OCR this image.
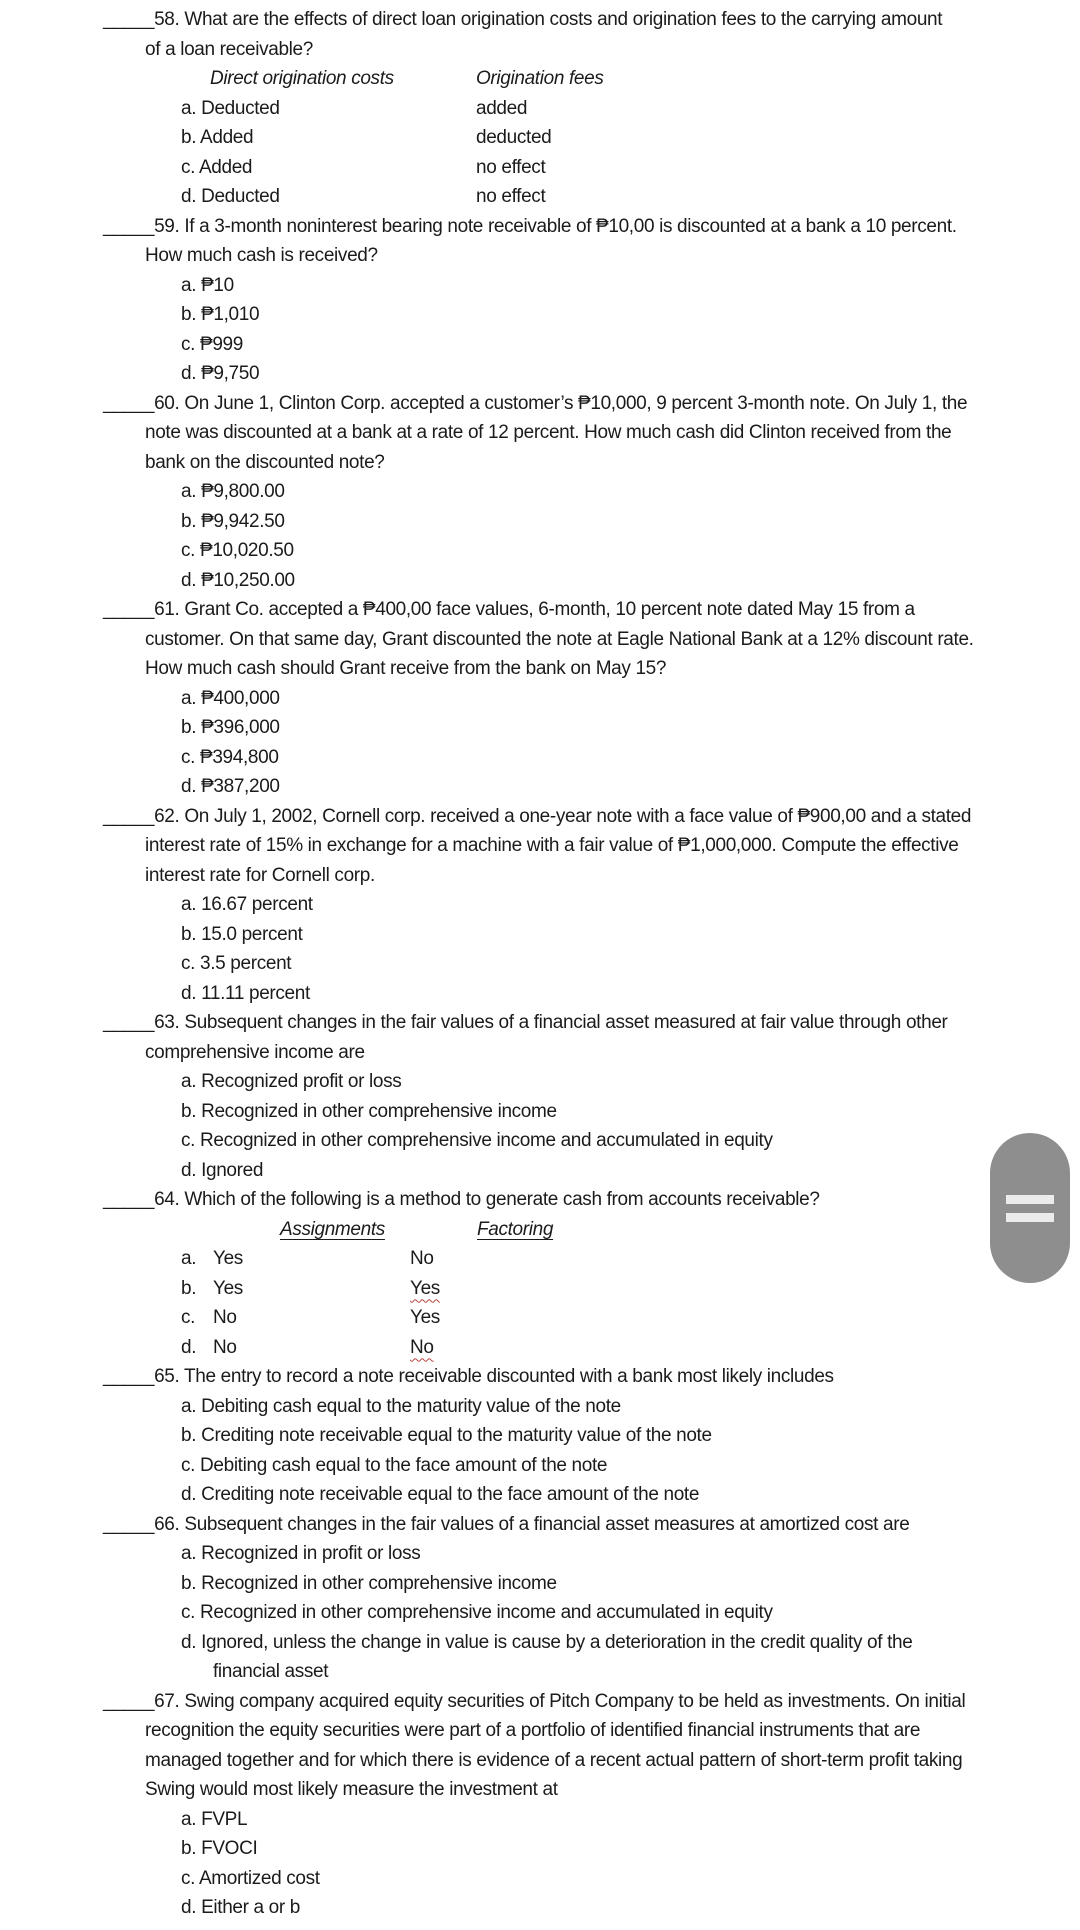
_____58. What are the effects of direct loan origination costs and origination fees to the carrying amount
of a loan receivable?
Direct origination costs	Origination fees
a. Deducted	added
b. Added	deducted
c. Added	no effect
d. Deducted	no effect
_____59. If a 3-month noninterest bearing note receivable of ₱10,00 is discounted at a bank a 10 percent.
How much cash is received?
a. ₱10
b. ₱1,010
c. ₱999
d. ₱9,750
_____60. On June 1, Clinton Corp. accepted a customer’s ₱10,000, 9 percent 3-month note. On July 1, the
note was discounted at a bank at a rate of 12 percent. How much cash did Clinton received from the
bank on the discounted note?
a. ₱9,800.00
b. ₱9,942.50
c. ₱10,020.50
d. ₱10,250.00
_____61. Grant Co. accepted a ₱400,00 face values, 6-month, 10 percent note dated May 15 from a
customer. On that same day, Grant discounted the note at Eagle National Bank at a 12% discount rate.
How much cash should Grant receive from the bank on May 15?
a. ₱400,000
b. ₱396,000
c. ₱394,800
d. ₱387,200
_____62. On July 1, 2002, Cornell corp. received a one-year note with a face value of ₱900,00 and a stated
interest rate of 15% in exchange for a machine with a fair value of ₱1,000,000. Compute the effective
interest rate for Cornell corp.
a. 16.67 percent
b. 15.0 percent
c. 3.5 percent
d. 11.11 percent
_____63. Subsequent changes in the fair values of a financial asset measured at fair value through other
comprehensive income are
a. Recognized profit or loss
b. Recognized in other comprehensive income
c. Recognized in other comprehensive income and accumulated in equity
d. Ignored
_____64. Which of the following is a method to generate cash from accounts receivable?
Assignments	Factoring
a. Yes	No
b. Yes	Yes
c. No	Yes
d. No	No
_____65. The entry to record a note receivable discounted with a bank most likely includes
a. Debiting cash equal to the maturity value of the note
b. Crediting note receivable equal to the maturity value of the note
c. Debiting cash equal to the face amount of the note
d. Crediting note receivable equal to the face amount of the note
_____66. Subsequent changes in the fair values of a financial asset measures at amortized cost are
a. Recognized in profit or loss
b. Recognized in other comprehensive income
c. Recognized in other comprehensive income and accumulated in equity
d. Ignored, unless the change in value is cause by a deterioration in the credit quality of the
financial asset
_____67. Swing company acquired equity securities of Pitch Company to be held as investments. On initial
recognition the equity securities were part of a portfolio of identified financial instruments that are
managed together and for which there is evidence of a recent actual pattern of short-term profit taking
Swing would most likely measure the investment at
a. FVPL
b. FVOCI
c. Amortized cost
d. Either a or b
